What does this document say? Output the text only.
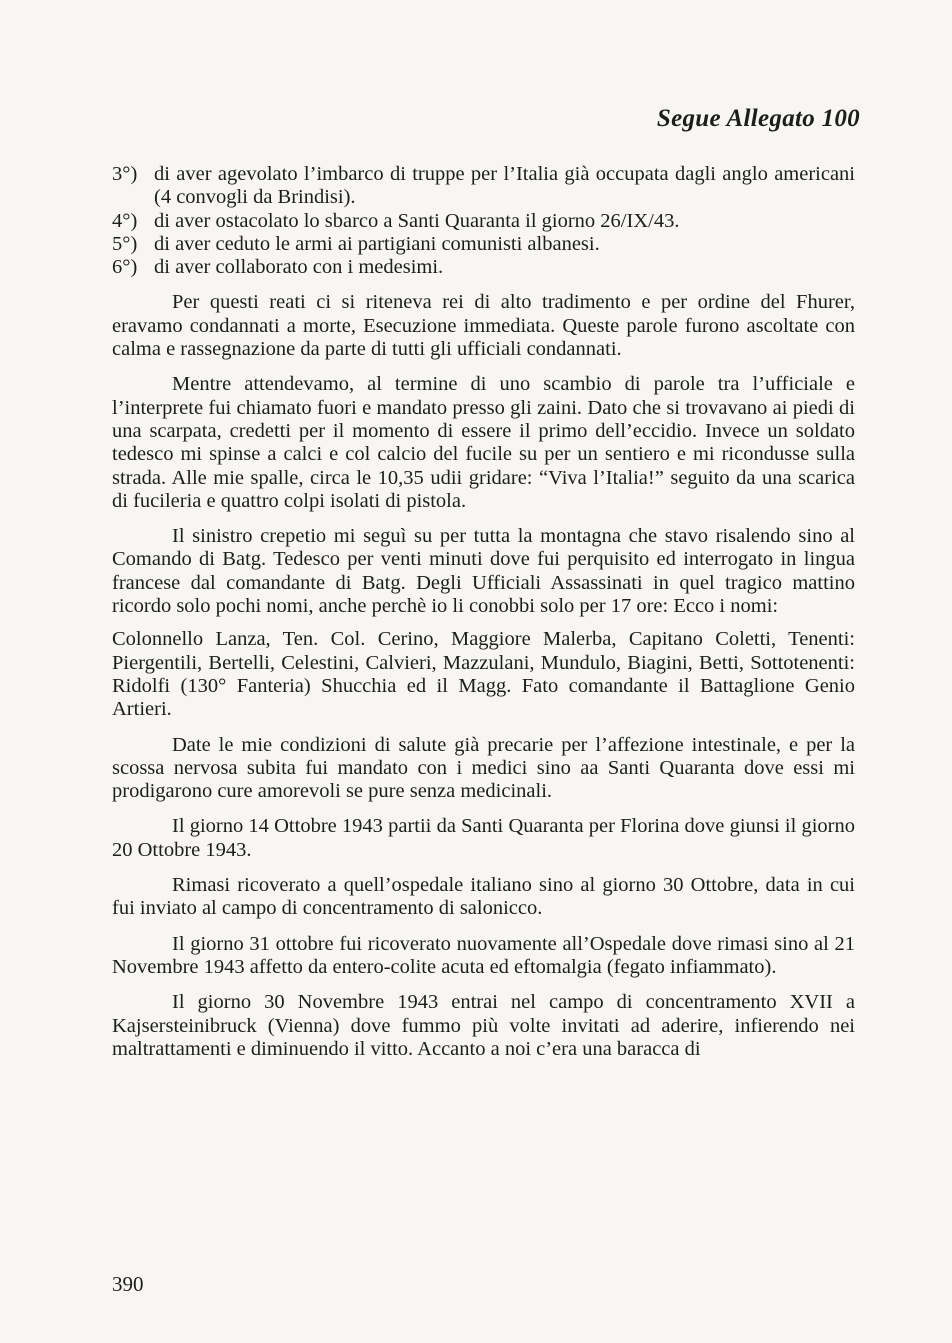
Segue Allegato 100
3°) di aver agevolato l’imbarco di truppe per l’Italia già occupata dagli anglo americani (4 convogli da Brindisi).
4°) di aver ostacolato lo sbarco a Santi Quaranta il giorno 26/IX/43.
5°) di aver ceduto le armi ai partigiani comunisti albanesi.
6°) di aver collaborato con i medesimi.

Per questi reati ci si riteneva rei di alto tradimento e per ordine del Fhurer, eravamo condannati a morte, Esecuzione immediata. Queste parole furono ascoltate con calma e rassegnazione da parte di tutti gli ufficiali condannati.

Mentre attendevamo, al termine di uno scambio di parole tra l’ufficiale e l’interprete fui chiamato fuori e mandato presso gli zaini. Dato che si trovavano ai piedi di una scarpata, credetti per il momento di essere il primo dell’eccidio. Invece un soldato tedesco mi spinse a calci e col calcio del fucile su per un sentiero e mi ricondusse sulla strada. Alle mie spalle, circa le 10,35 udii gridare: “Viva l’Italia!” seguito da una scarica di fucileria e quattro colpi isolati di pistola.

Il sinistro crepetio mi seguì su per tutta la montagna che stavo risalendo sino al Comando di Batg. Tedesco per venti minuti dove fui perquisito ed interrogato in lingua francese dal comandante di Batg. Degli Ufficiali Assassinati in quel tragico mattino ricordo solo pochi nomi, anche perchè io li conobbi solo per 17 ore: Ecco i nomi:

Colonnello Lanza, Ten. Col. Cerino, Maggiore Malerba, Capitano Coletti, Tenenti: Piergentili, Bertelli, Celestini, Calvieri, Mazzulani, Mundulo, Biagini, Betti, Sottotenenti: Ridolfi (130° Fanteria) Shucchia ed il Magg. Fato comandante il Battaglione Genio Artieri.

Date le mie condizioni di salute già precarie per l’affezione intestinale, e per la scossa nervosa subita fui mandato con i medici sino aa Santi Quaranta dove essi mi prodigarono cure amorevoli se pure senza medicinali.

Il giorno 14 Ottobre 1943 partii da Santi Quaranta per Florina dove giunsi il giorno 20 Ottobre 1943.

Rimasi ricoverato a quell’ospedale italiano sino al giorno 30 Ottobre, data in cui fui inviato al campo di concentramento di salonicco.

Il giorno 31 ottobre fui ricoverato nuovamente all’Ospedale dove rimasi sino al 21 Novembre 1943 affetto da entero-colite acuta ed eftomalgia (fegato infiammato).

Il giorno 30 Novembre 1943 entrai nel campo di concentramento XVII a Kajsersteinibruck (Vienna) dove fummo più volte invitati ad aderire, infierendo nei maltrattamenti e diminuendo il vitto. Accanto a noi c’era una baracca di

390
